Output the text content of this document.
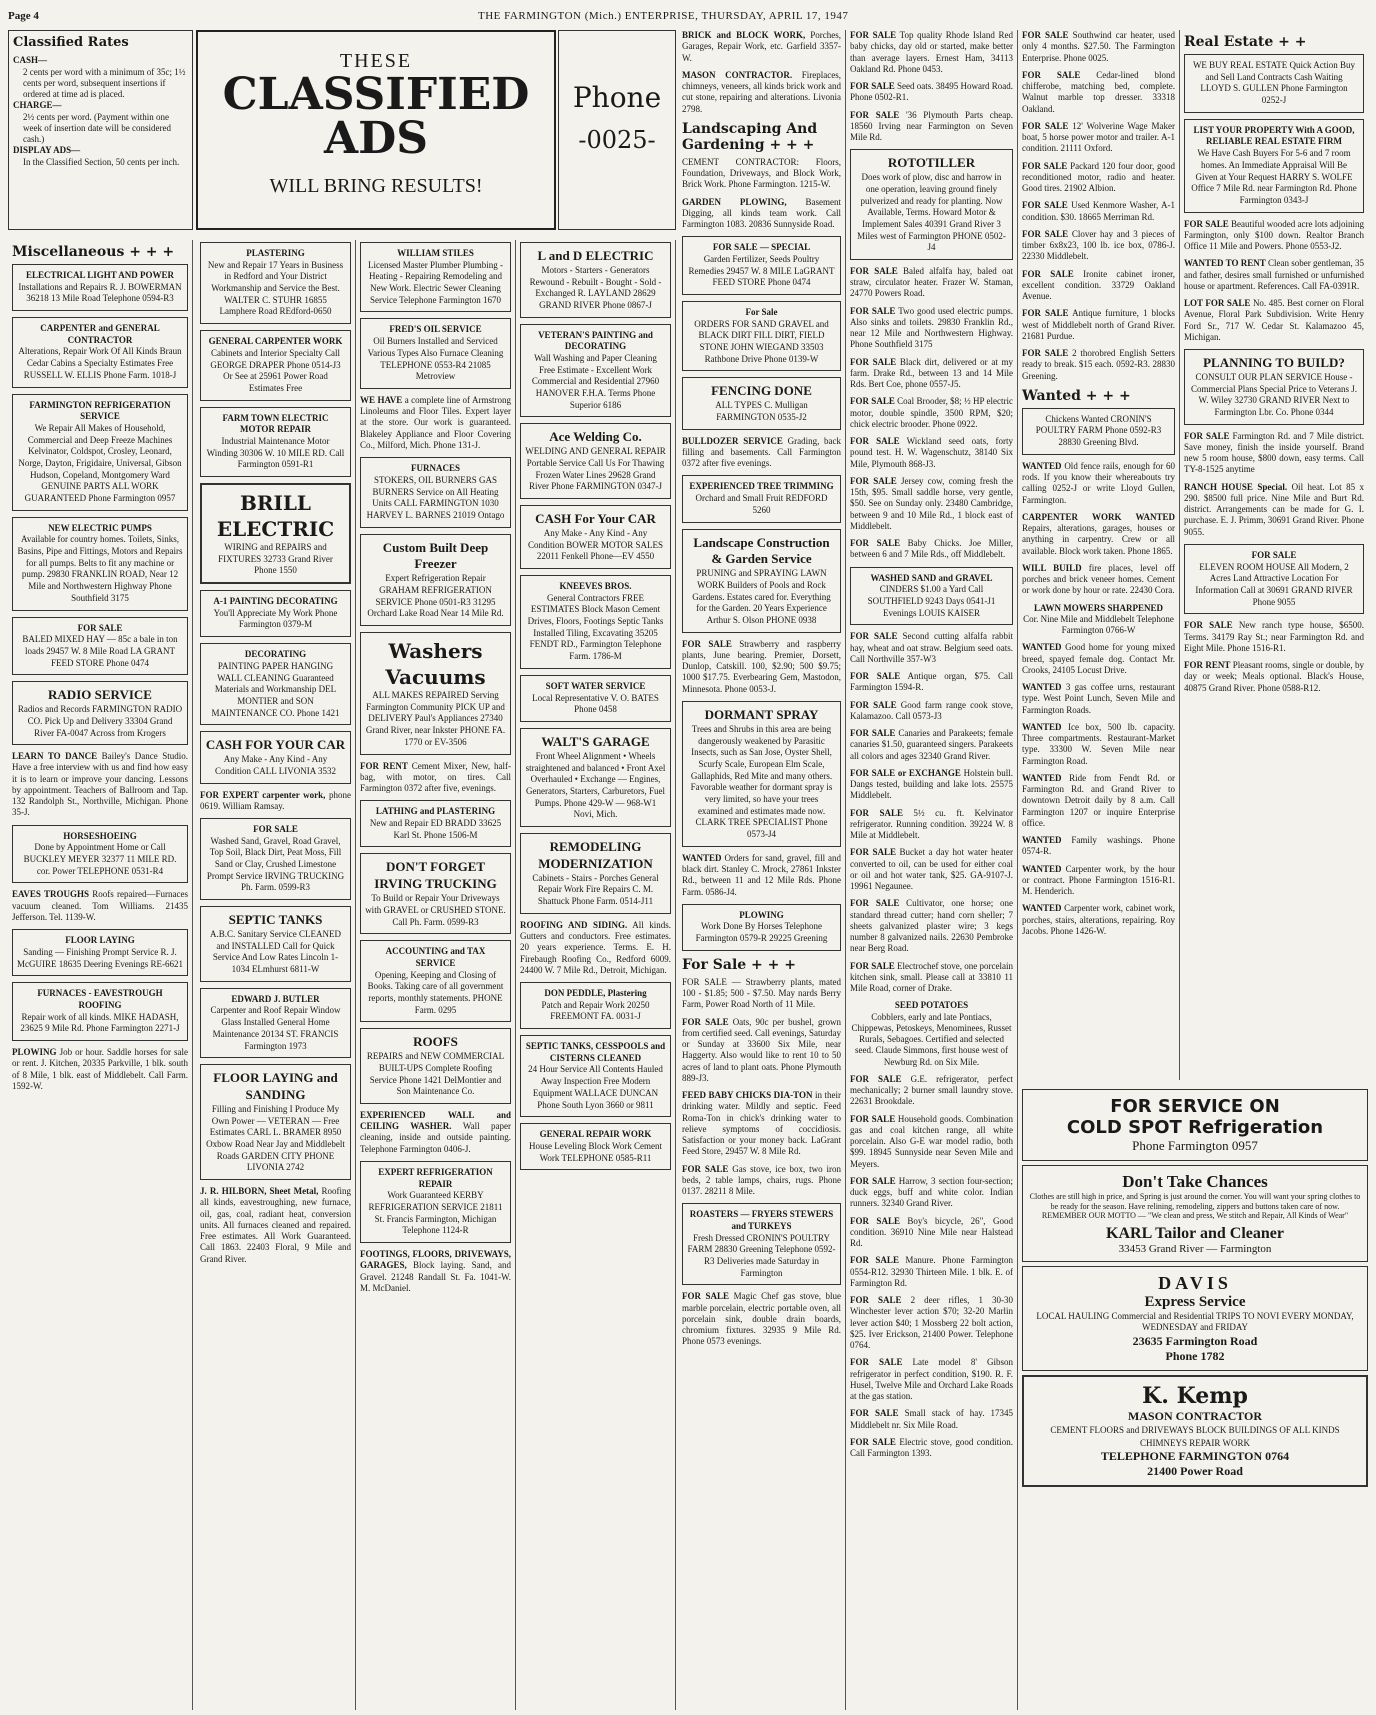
Page 4	THE FARMINGTON (Mich.) ENTERPRISE, THURSDAY, APRIL 17, 1947
Classified Rates
CASH—
2 cents per word with a minimum of 35c; 1½ cents per word, subsequent insertions if ordered at time ad is placed.
CHARGE—
2½ cents per word. (Payment within one week of insertion date will be considered cash.)
DISPLAY ADS—
In the Classified Section, 50 cents per inch.
THESE
CLASSIFIED
ADS
WILL BRING RESULTS!
Phone
-0025-
Miscellaneous + + +
ELECTRICAL LIGHT AND POWER
Installations and Repairs R. J. BOWERMAN 36218 13 Mile Road Telephone 0594-R3
CARPENTER and GENERAL CONTRACTOR
Alterations, Repair Work Of All Kinds Braun Cedar Cabins a Specialty Estimates Free RUSSELL W. ELLIS Phone Farm. 1018-J
FARMINGTON REFRIGERATION SERVICE
We Repair All Makes of Household, Commercial and Deep Freeze Machines Kelvinator, Coldspot, Crosley, Leonard, Norge, Dayton, Frigidaire, Universal, Gibson Hudson, Copeland, Montgomery Ward GENUINE PARTS ALL WORK GUARANTEED Phone Farmington 0957
NEW ELECTRIC PUMPS
Available for country homes. Toilets, Sinks, Basins, Pipe and Fittings, Motors and Repairs for all pumps. Belts to fit any machine or pump. 29830 FRANKLIN ROAD, Near 12 Mile and Northwestern Highway Phone Southfield 3175
FOR SALE
BALED MIXED HAY — 85c a bale in ton loads 29457 W. 8 Mile Road LA GRANT FEED STORE Phone 0474
RADIO SERVICE
Radios and Records FARMINGTON RADIO CO. Pick Up and Delivery 33304 Grand River FA-0047 Across from Krogers
LEARN TO DANCE Bailey's Dance Studio. Have a free interview with us and find how easy it is to learn or improve your dancing. Lessons by appointment. Teachers of Ballroom and Tap. 132 Randolph St., Northville, Michigan. Phone 35-J.
HORSESHOEING
Done by Appointment Home or Call BUCKLEY MEYER 32377 11 MILE RD. cor. Power TELEPHONE 0531-R4
EAVES TROUGHS Roofs repaired—Furnaces vacuum cleaned. Tom Williams. 21435 Jefferson. Tel. 1139-W.
FLOOR LAYING
Sanding — Finishing Prompt Service R. J. McGUIRE 18635 Deering Evenings RE-6621
FURNACES - EAVESTROUGH ROOFING
Repair work of all kinds. MIKE HADASH, 23625 9 Mile Rd. Phone Farmington 2271-J
PLOWING Job or hour. Saddle horses for sale or rent. J. Kitchen, 20335 Parkville, 1 blk. south of 8 Mile, 1 blk. east of Middlebelt. Call Farm. 1592-W.
PLASTERING
New and Repair 17 Years in Business in Redford and Your District Workmanship and Service the Best. WALTER C. STUHR 16855 Lamphere Road REdford-0650
GENERAL CARPENTER WORK
Cabinets and Interior Specialty Call GEORGE DRAPER Phone 0514-J3 Or See at 25961 Power Road Estimates Free
FARM TOWN ELECTRIC MOTOR REPAIR
Industrial Maintenance Motor Winding 30306 W. 10 MILE RD. Call Farmington 0591-R1
BRILL ELECTRIC
WIRING and REPAIRS and FIXTURES 32733 Grand River Phone 1550
A-1 PAINTING DECORATING
You'll Appreciate My Work Phone Farmington 0379-M
DECORATING
PAINTING PAPER HANGING WALL CLEANING Guaranteed Materials and Workmanship DEL MONTIER and SON MAINTENANCE CO. Phone 1421
CASH FOR YOUR CAR
Any Make - Any Kind - Any Condition CALL LIVONIA 3532
FOR EXPERT carpenter work, phone 0619. William Ramsay.
FOR SALE
Washed Sand, Gravel, Road Gravel, Top Soil, Black Dirt, Peat Moss, Fill Sand or Clay, Crushed Limestone Prompt Service IRVING TRUCKING Ph. Farm. 0599-R3
SEPTIC TANKS
A.B.C. Sanitary Service CLEANED and INSTALLED Call for Quick Service And Low Rates Lincoln 1-1034 ELmhurst 6811-W
EDWARD J. BUTLER
Carpenter and Roof Repair Window Glass Installed General Home Maintenance 20134 ST. FRANCIS Farmington 1973
FLOOR LAYING and SANDING
Filling and Finishing I Produce My Own Power — VETERAN — Free Estimates CARL L. BRAMER 8950 Oxbow Road Near Jay and Middlebelt Roads GARDEN CITY PHONE LIVONIA 2742
J. R. HILBORN, Sheet Metal, Roofing all kinds, eavestroughing, new furnace, oil, gas, coal, radiant heat, conversion units. All furnaces cleaned and repaired. Free estimates. All Work Guaranteed. Call 1863. 22403 Floral, 9 Mile and Grand River.
WILLIAM STILES
Licensed Master Plumber Plumbing - Heating - Repairing Remodeling and New Work. Electric Sewer Cleaning Service Telephone Farmington 1670
FRED'S OIL SERVICE
Oil Burners Installed and Serviced Various Types Also Furnace Cleaning TELEPHONE 0553-R4 21085 Metroview
WE HAVE a complete line of Armstrong Linoleums and Floor Tiles. Expert layer at the store. Our work is guaranteed. Blakeley Appliance and Floor Covering Co., Milford, Mich. Phone 131-J.
FURNACES
STOKERS, OIL BURNERS GAS BURNERS Service on All Heating Units CALL FARMINGTON 1030 HARVEY L. BARNES 21019 Ontago
Custom Built Deep Freezer
Expert Refrigeration Repair GRAHAM REFRIGERATION SERVICE Phone 0501-R3 31295 Orchard Lake Road Near 14 Mile Rd.
Washers Vacuums
ALL MAKES REPAIRED Serving Farmington Community PICK UP and DELIVERY Paul's Appliances 27340 Grand River, near Inkster PHONE FA. 1770 or EV-3506
FOR RENT Cement Mixer, New, half-bag, with motor, on tires. Call Farmington 0372 after five, evenings.
LATHING and PLASTERING
New and Repair ED BRADD 33625 Karl St. Phone 1506-M
DON'T FORGET IRVING TRUCKING
To Build or Repair Your Driveways with GRAVEL or CRUSHED STONE. Call Ph. Farm. 0599-R3
ACCOUNTING and TAX SERVICE
Opening, Keeping and Closing of Books. Taking care of all government reports, monthly statements. PHONE Farm. 0295
ROOFS
REPAIRS and NEW COMMERCIAL BUILT-UPS Complete Roofing Service Phone 1421 DelMontier and Son Maintenance Co.
EXPERIENCED WALL and CEILING WASHER. Wall paper cleaning, inside and outside painting. Telephone Farmington 0406-J.
EXPERT REFRIGERATION REPAIR
Work Guaranteed KERBY REFRIGERATION SERVICE 21811 St. Francis Farmington, Michigan Telephone 1124-R
FOOTINGS, FLOORS, DRIVEWAYS, GARAGES, Block laying. Sand, and Gravel. 21248 Randall St. Fa. 1041-W. M. McDaniel.
L and D ELECTRIC
Motors - Starters - Generators Rewound - Rebuilt - Bought - Sold - Exchanged R. LAYLAND 28629 GRAND RIVER Phone 0867-J
VETERAN'S PAINTING and DECORATING
Wall Washing and Paper Cleaning Free Estimate - Excellent Work Commercial and Residential 27960 HANOVER F.H.A. Terms Phone Superior 6186
Ace Welding Co.
WELDING AND GENERAL REPAIR Portable Service Call Us For Thawing Frozen Water Lines 29628 Grand River Phone FARMINGTON 0347-J
CASH For Your CAR
Any Make - Any Kind - Any Condition BOWER MOTOR SALES 22011 Fenkell Phone—EV 4550
KNEEVES BROS.
General Contractors FREE ESTIMATES Block Mason Cement Drives, Floors, Footings Septic Tanks Installed Tiling, Excavating 35205 FENDT RD., Farmington Telephone Farm. 1786-M
SOFT WATER SERVICE
Local Representative V. O. BATES Phone 0458
WALT'S GARAGE
Front Wheel Alignment • Wheels straightened and balanced • Front Axel Overhauled • Exchange — Engines, Generators, Starters, Carburetors, Fuel Pumps. Phone 429-W — 968-W1 Novi, Mich.
REMODELING MODERNIZATION
Cabinets - Stairs - Porches General Repair Work Fire Repairs C. M. Shattuck Phone Farm. 0514-J11
ROOFING AND SIDING. All kinds. Gutters and conductors. Free estimates. 20 years experience. Terms. E. H. Firebaugh Roofing Co., Redford 6009. 24400 W. 7 Mile Rd., Detroit, Michigan.
DON PEDDLE, Plastering
Patch and Repair Work 20250 FREEMONT FA. 0031-J
SEPTIC TANKS, CESSPOOLS and CISTERNS CLEANED
24 Hour Service All Contents Hauled Away Inspection Free Modern Equipment WALLACE DUNCAN Phone South Lyon 3660 or 9811
GENERAL REPAIR WORK
House Leveling Block Work Cement Work TELEPHONE 0585-R11
BRICK and BLOCK WORK, Porches, Garages, Repair Work, etc. Garfield 3357-W.
MASON CONTRACTOR. Fireplaces, chimneys, veneers, all kinds brick work and cut stone, repairing and alterations. Livonia 2798.
Landscaping And Gardening + + +
CEMENT CONTRACTOR: Floors, Foundation, Driveways, and Block Work, Brick Work. Phone Farmington. 1215-W.
GARDEN PLOWING, Basement Digging, all kinds team work. Call Farmington 1083. 20836 Sunnyside Road.
FOR SALE — SPECIAL
Garden Fertilizer, Seeds Poultry Remedies 29457 W. 8 MILE LaGRANT FEED STORE Phone 0474
For Sale
ORDERS FOR SAND GRAVEL and BLACK DIRT FILL DIRT, FIELD STONE JOHN WIEGAND 33503 Rathbone Drive Phone 0139-W
FENCING DONE
ALL TYPES C. Mulligan FARMINGTON 0535-J2
BULLDOZER SERVICE Grading, back filling and basements. Call Farmington 0372 after five evenings.
EXPERIENCED TREE TRIMMING
Orchard and Small Fruit REDFORD 5260
Landscape Construction & Garden Service
PRUNING and SPRAYING LAWN WORK Builders of Pools and Rock Gardens. Estates cared for. Everything for the Garden. 20 Years Experience Arthur S. Olson PHONE 0938
FOR SALE Strawberry and raspberry plants, June bearing. Premier, Dorsett, Dunlop, Catskill. 100, $2.90; 500 $9.75; 1000 $17.75. Everbearing Gem, Mastodon, Minnesota. Phone 0053-J.
DORMANT SPRAY
Trees and Shrubs in this area are being dangerously weakened by Parasitic Insects, such as San Jose, Oyster Shell, Scurfy Scale, European Elm Scale, Gallaphids, Red Mite and many others. Favorable weather for dormant spray is very limited, so have your trees examined and estimates made now. CLARK TREE SPECIALIST Phone 0573-J4
WANTED Orders for sand, gravel, fill and black dirt. Stanley C. Mrock, 27861 Inkster Rd., between 11 and 12 Mile Rds. Phone Farm. 0586-J4.
PLOWING
Work Done By Horses Telephone Farmington 0579-R 29225 Greening
For Sale + + +
FOR SALE — Strawberry plants, mated 100 - $1.85; 500 - $7.50. May nards Berry Farm, Power Road North of 11 Mile.
FOR SALE Oats, 90c per bushel, grown from certified seed. Call evenings, Saturday or Sunday at 33600 Six Mile, near Haggerty. Also would like to rent 10 to 50 acres of land to plant oats. Phone Plymouth 889-J3.
FEED BABY CHICKS DIA-TON in their drinking water. Mildly and septic. Feed Roma-Ton in chick's drinking water to relieve symptoms of coccidiosis. Satisfaction or your money back. LaGrant Feed Store, 29457 W. 8 Mile Rd.
FOR SALE Gas stove, ice box, two iron beds, 2 table lamps, chairs, rugs. Phone 0137. 28211 8 Mile.
ROASTERS — FRYERS STEWERS and TURKEYS
Fresh Dressed CRONIN'S POULTRY FARM 28830 Greening Telephone 0592-R3 Deliveries made Saturday in Farmington
FOR SALE Magic Chef gas stove, blue marble porcelain, electric portable oven, all porcelain sink, double drain boards, chromium fixtures. 32935 9 Mile Rd. Phone 0573 evenings.
FOR SALE Top quality Rhode Island Red baby chicks, day old or started, make better than average layers. Ernest Ham, 34113 Oakland Rd. Phone 0453.
FOR SALE Seed oats. 38495 Howard Road. Phone 0502-R1.
FOR SALE '36 Plymouth Parts cheap. 18560 Irving near Farmington on Seven Mile Rd.
ROTOTILLER
Does work of plow, disc and harrow in one operation, leaving ground finely pulverized and ready for planting. Now Available, Terms. Howard Motor & Implement Sales 40391 Grand River 3 Miles west of Farmington PHONE 0502-J4
FOR SALE Baled alfalfa hay, baled oat straw, circulator heater. Frazer W. Staman, 24770 Powers Road.
FOR SALE Two good used electric pumps. Also sinks and toilets. 29830 Franklin Rd., near 12 Mile and Northwestern Highway. Phone Southfield 3175
FOR SALE Black dirt, delivered or at my farm. Drake Rd., between 13 and 14 Mile Rds. Bert Coe, phone 0557-J5.
FOR SALE Coal Brooder, $8; ½ HP electric motor, double spindle, 3500 RPM, $20; chick electric brooder. Phone 0922.
FOR SALE Wickland seed oats, forty pound test. H. W. Wagenschutz, 38140 Six Mile, Plymouth 868-J3.
FOR SALE Jersey cow, coming fresh the 15th, $95. Small saddle horse, very gentle, $50. See on Sunday only. 23480 Cambridge, between 9 and 10 Mile Rd., 1 block east of Middlebelt.
FOR SALE Baby Chicks. Joe Miller, between 6 and 7 Mile Rds., off Middlebelt.
WASHED SAND and GRAVEL
CINDERS $1.00 a Yard Call SOUTHFIELD 9243 Days 0541-J1 Evenings LOUIS KAISER
FOR SALE Second cutting alfalfa rabbit hay, wheat and oat straw. Belgium seed oats. Call Northville 357-W3
FOR SALE Antique organ, $75. Call Farmington 1594-R.
FOR SALE Good farm range cook stove, Kalamazoo. Call 0573-J3
FOR SALE Canaries and Parakeets; female canaries $1.50, guaranteed singers. Parakeets all colors and ages 32340 Grand River.
FOR SALE or EXCHANGE Holstein bull. Dangs tested, building and lake lots. 25575 Middlebelt.
FOR SALE 5½ cu. ft. Kelvinator refrigerator. Running condition. 39224 W. 8 Mile at Middlebelt.
FOR SALE Bucket a day hot water heater converted to oil, can be used for either coal or oil and hot water tank, $25. GA-9107-J. 19961 Negaunee.
FOR SALE Cultivator, one horse; one standard thread cutter; hand corn sheller; 7 sheets galvanized plaster wire; 3 kegs number 8 galvanized nails. 22630 Pembroke near Berg Road.
FOR SALE Electrochef stove, one porcelain kitchen sink, small. Please call at 33810 11 Mile Road, corner of Drake.
SEED POTATOES
Cobblers, early and late Pontiacs, Chippewas, Petoskeys, Menominees, Russet Rurals, Sebagoes. Certified and selected seed. Claude Simmons, first house west of Newburg Rd. on Six Mile.
FOR SALE G.E. refrigerator, perfect mechanically; 2 burner small laundry stove. 22631 Brookdale.
FOR SALE Household goods. Combination gas and coal kitchen range, all white porcelain. Also G-E war model radio, both $99. 18945 Sunnyside near Seven Mile and Meyers.
FOR SALE Harrow, 3 section four-section; duck eggs, buff and white color. Indian runners. 32340 Grand River.
FOR SALE Boy's bicycle, 26", Good condition. 36910 Nine Mile near Halstead Rd.
FOR SALE Manure. Phone Farmington 0554-R12. 32930 Thirteen Mile. 1 blk. E. of Farmington Rd.
FOR SALE 2 deer rifles, 1 30-30 Winchester lever action $70; 32-20 Marlin lever action $40; 1 Mossberg 22 bolt action, $25. Iver Erickson, 21400 Power. Telephone 0764.
FOR SALE Late model 8' Gibson refrigerator in perfect condition, $190. R. F. Husel, Twelve Mile and Orchard Lake Roads at the gas station.
FOR SALE Small stack of hay. 17345 Middlebelt nr. Six Mile Road.
FOR SALE Electric stove, good condition. Call Farmington 1393.
FOR SALE Southwind car heater, used only 4 months. $27.50. The Farmington Enterprise. Phone 0025.
FOR SALE Cedar-lined blond chifferobe, matching bed, complete. Walnut marble top dresser. 33318 Oakland.
FOR SALE 12' Wolverine Wage Maker boat, 5 horse power motor and trailer. A-1 condition. 21111 Oxford.
FOR SALE Packard 120 four door, good reconditioned motor, radio and heater. Good tires. 21902 Albion.
FOR SALE Used Kenmore Washer, A-1 condition. $30. 18665 Merriman Rd.
FOR SALE Clover hay and 3 pieces of timber 6x8x23, 100 lb. ice box, 0786-J. 22330 Middlebelt.
FOR SALE Ironite cabinet ironer, excellent condition. 33729 Oakland Avenue.
FOR SALE Antique furniture, 1 blocks west of Middlebelt north of Grand River. 21681 Purdue.
FOR SALE 2 thorobred English Setters ready to break. $15 each. 0592-R3. 28830 Greening.
Wanted + + +
Chickens Wanted CRONIN'S POULTRY FARM Phone 0592-R3 28830 Greening Blvd.
WANTED Old fence rails, enough for 60 rods. If you know their whereabouts try calling 0252-J or write Lloyd Gullen, Farmington.
CARPENTER WORK WANTED Repairs, alterations, garages, houses or anything in carpentry. Crew or all available. Block work taken. Phone 1865.
WILL BUILD fire places, level off porches and brick veneer homes. Cement or work done by hour or rate. 22430 Cora.
LAWN MOWERS SHARPENED
Cor. Nine Mile and Middlebelt Telephone Farmington 0766-W
WANTED Good home for young mixed breed, spayed female dog. Contact Mr. Crooks, 24105 Locust Drive.
WANTED 3 gas coffee urns, restaurant type. West Point Lunch, Seven Mile and Farmington Roads.
WANTED Ice box, 500 lb. capacity. Three compartments. Restaurant-Market type. 33300 W. Seven Mile near Farmington Road.
WANTED Ride from Fendt Rd. or Farmington Rd. and Grand River to downtown Detroit daily by 8 a.m. Call Farmington 1207 or inquire Enterprise office.
WANTED Family washings. Phone 0574-R.
WANTED Carpenter work, by the hour or contract. Phone Farmington 1516-R1. M. Henderich.
WANTED Carpenter work, cabinet work, porches, stairs, alterations, repairing. Roy Jacobs. Phone 1426-W.
Real Estate + +
WE BUY REAL ESTATE Quick Action Buy and Sell Land Contracts Cash Waiting LLOYD S. GULLEN Phone Farmington 0252-J
LIST YOUR PROPERTY With A GOOD, RELIABLE REAL ESTATE FIRM
We Have Cash Buyers For 5-6 and 7 room homes. An Immediate Appraisal Will Be Given at Your Request HARRY S. WOLFE Office 7 Mile Rd. near Farmington Rd. Phone Farmington 0343-J
FOR SALE Beautiful wooded acre lots adjoining Farmington, only $100 down. Realtor Branch Office 11 Mile and Powers. Phone 0553-J2.
WANTED TO RENT Clean sober gentleman, 35 and father, desires small furnished or unfurnished house or apartment. References. Call FA-0391R.
LOT FOR SALE No. 485. Best corner on Floral Avenue, Floral Park Subdivision. Write Henry Ford Sr., 717 W. Cedar St. Kalamazoo 45, Michigan.
PLANNING TO BUILD?
CONSULT OUR PLAN SERVICE House - Commercial Plans Special Price to Veterans J. W. Wiley 32730 GRAND RIVER Next to Farmington Lbr. Co. Phone 0344
FOR SALE Farmington Rd. and 7 Mile district. Save money, finish the inside yourself. Brand new 5 room house, $800 down, easy terms. Call TY-8-1525 anytime
RANCH HOUSE Special. Oil heat. Lot 85 x 290. $8500 full price. Nine Mile and Burt Rd. district. Arrangements can be made for G. I. purchase. E. J. Primm, 30691 Grand River. Phone 9055.
FOR SALE
ELEVEN ROOM HOUSE All Modern, 2 Acres Land Attractive Location For Information Call at 30691 GRAND RIVER Phone 9055
FOR SALE New ranch type house, $6500. Terms. 34179 Ray St.; near Farmington Rd. and Eight Mile. Phone 1516-R1.
FOR RENT Pleasant rooms, single or double, by day or week; Meals optional. Black's House, 40875 Grand River. Phone 0588-R12.
FOR SERVICE ON
COLD SPOT Refrigeration
Phone Farmington 0957
Don't Take Chances
Clothes are still high in price, and Spring is just around the corner. You will want your spring clothes to be ready for the season. Have relining, remodeling, zippers and buttons taken care of now. REMEMBER OUR MOTTO — "We clean and press, We stitch and Repair, All Kinds of Wear"
KARL Tailor and Cleaner
33453 Grand River — Farmington
DAVIS
Express Service
LOCAL HAULING Commercial and Residential TRIPS TO NOVI EVERY MONDAY, WEDNESDAY and FRIDAY
23635 Farmington Road
Phone 1782
K. Kemp
MASON CONTRACTOR
CEMENT FLOORS and DRIVEWAYS BLOCK BUILDINGS OF ALL KINDS CHIMNEYS REPAIR WORK
TELEPHONE FARMINGTON 0764
21400 Power Road
